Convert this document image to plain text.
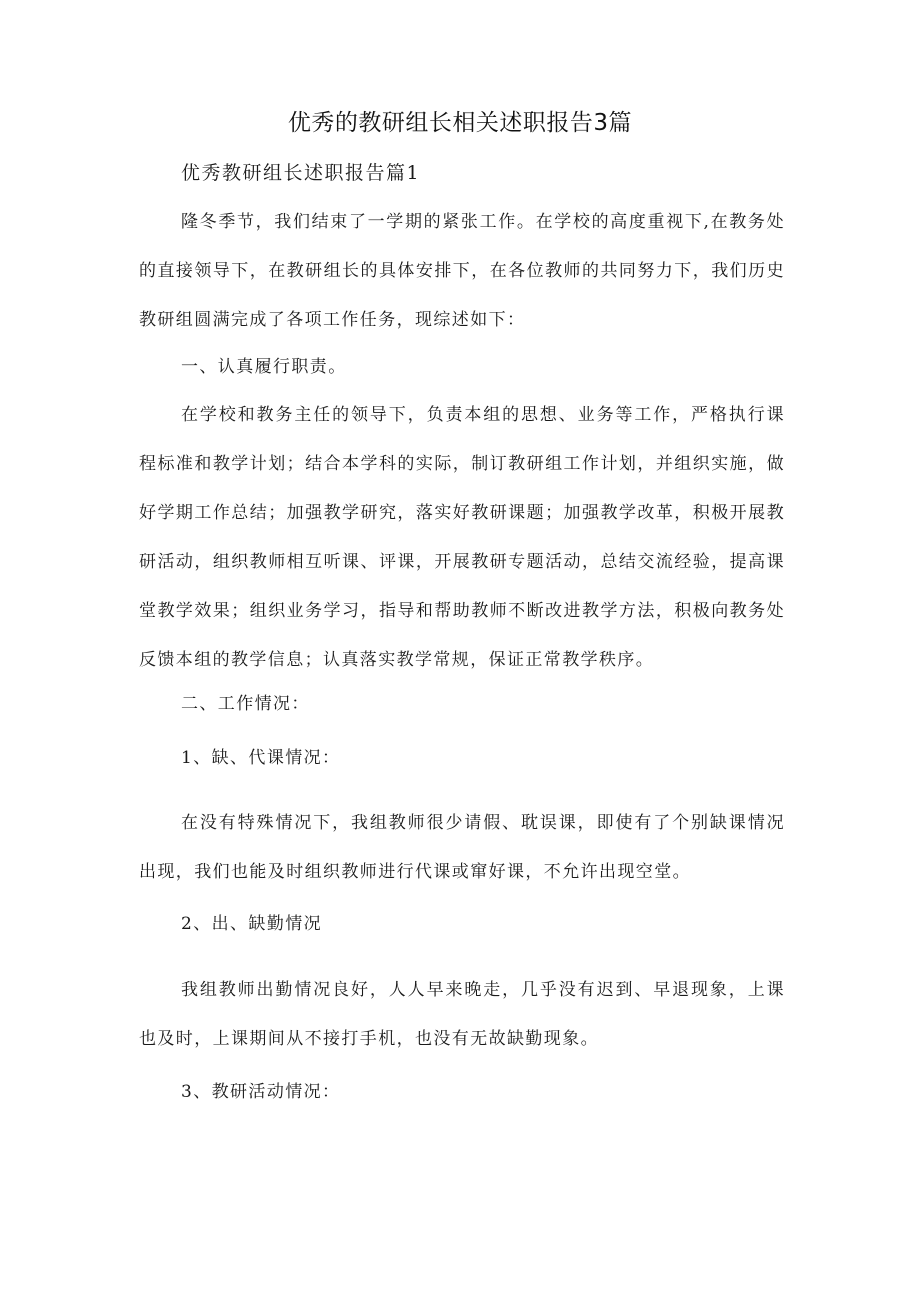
优秀的教研组长相关述职报告3篇
优秀教研组长述职报告篇1
隆冬季节，我们结束了一学期的紧张工作。在学校的高度重视下,在教务处的直接领导下，在教研组长的具体安排下，在各位教师的共同努力下，我们历史教研组圆满完成了各项工作任务，现综述如下：
一、认真履行职责。
在学校和教务主任的领导下，负责本组的思想、业务等工作，严格执行课程标准和教学计划；结合本学科的实际，制订教研组工作计划，并组织实施，做好学期工作总结；加强教学研究，落实好教研课题；加强教学改革，积极开展教研活动，组织教师相互听课、评课，开展教研专题活动，总结交流经验，提高课堂教学效果；组织业务学习，指导和帮助教师不断改进教学方法，积极向教务处反馈本组的教学信息；认真落实教学常规，保证正常教学秩序。
二、工作情况：
1、缺、代课情况：
在没有特殊情况下，我组教师很少请假、耽误课，即使有了个别缺课情况出现，我们也能及时组织教师进行代课或窜好课，不允许出现空堂。
2、出、缺勤情况
我组教师出勤情况良好，人人早来晚走，几乎没有迟到、早退现象，上课也及时，上课期间从不接打手机，也没有无故缺勤现象。
3、教研活动情况：
